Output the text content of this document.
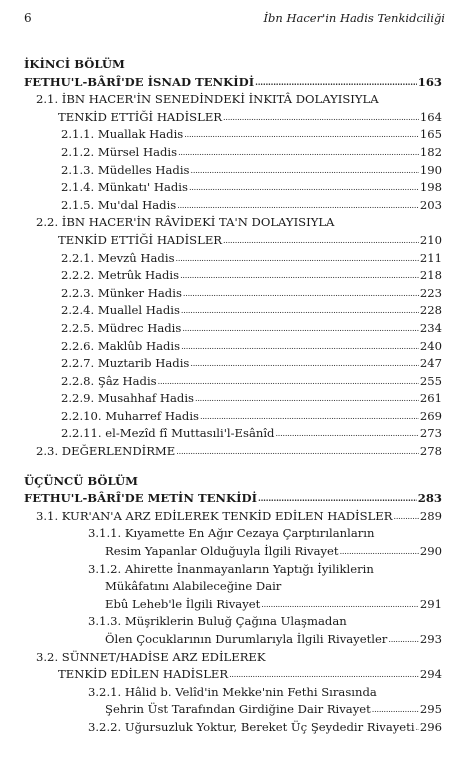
6	İbn Hacer'in Hadis Tenkidciliği
İKİNCİ BÖLÜM
FETHU'L-BÂRÎ'DE İSNAD TENKİDİ .....	163
2.1. İBN HACER'İN SENEDİNDEKİ İNKITÂ DOLAYISIYLA
TENKİD ETTİĞİ HADİSLER .....	164
2.1.1. Muallak Hadis .....	165
2.1.2. Mürsel Hadis .....	182
2.1.3. Müdelles Hadis .....	190
2.1.4. Münkatı' Hadis .....	198
2.1.5. Mu'dal Hadis .....	203
2.2. İBN HACER'İN RÂVİDEKİ TA'N DOLAYISIYLA
TENKİD ETTİĞİ HADİSLER .....	210
2.2.1. Mevzû Hadis .....	211
2.2.2. Metrûk Hadis .....	218
2.2.3. Münker Hadis .....	223
2.2.4. Muallel Hadis .....	228
2.2.5. Müdrec Hadis .....	234
2.2.6. Maklûb Hadis .....	240
2.2.7. Muztarib Hadis .....	247
2.2.8. Şâz Hadis .....	255
2.2.9. Musahhaf Hadis .....	261
2.2.10. Muharref Hadis .....	269
2.2.11. el-Mezîd fî Muttasıli'l-Esânîd .....	273
2.3. DEĞERLENDİRME .....	278
ÜÇÜNCÜ BÖLÜM
FETHU'L-BÂRÎ'DE METİN TENKİDİ .....	283
3.1. KUR'AN'A ARZ EDİLEREK TENKİD EDİLEN HADİSLER ..... 289
3.1.1. Kıyamette En Ağır Cezaya Çarptırılanların
Resim Yapanlar Olduğuyla İlgili Rivayet .....	290
3.1.2. Ahirette İnanmayanların Yaptığı İyiliklerin
Mükâfatını Alabileceğine Dair
Ebû Leheb'le İlgili Rivayet .....	291
3.1.3. Müşriklerin Buluğ Çağına Ulaşmadan
Ölen Çocuklarının Durumlarıyla İlgili Rivayetler .....	293
3.2. SÜNNET/HADİSE ARZ EDİLEREK
TENKİD EDİLEN HADİSLER .....	294
3.2.1. Hâlid b. Velîd'in Mekke'nin Fethi Sırasında
Şehrin Üst Tarafından Girdiğine Dair Rivayet .....	295
3.2.2. Uğursuzluk Yoktur, Bereket Üç Şeydedir Rivayeti ..... 296
